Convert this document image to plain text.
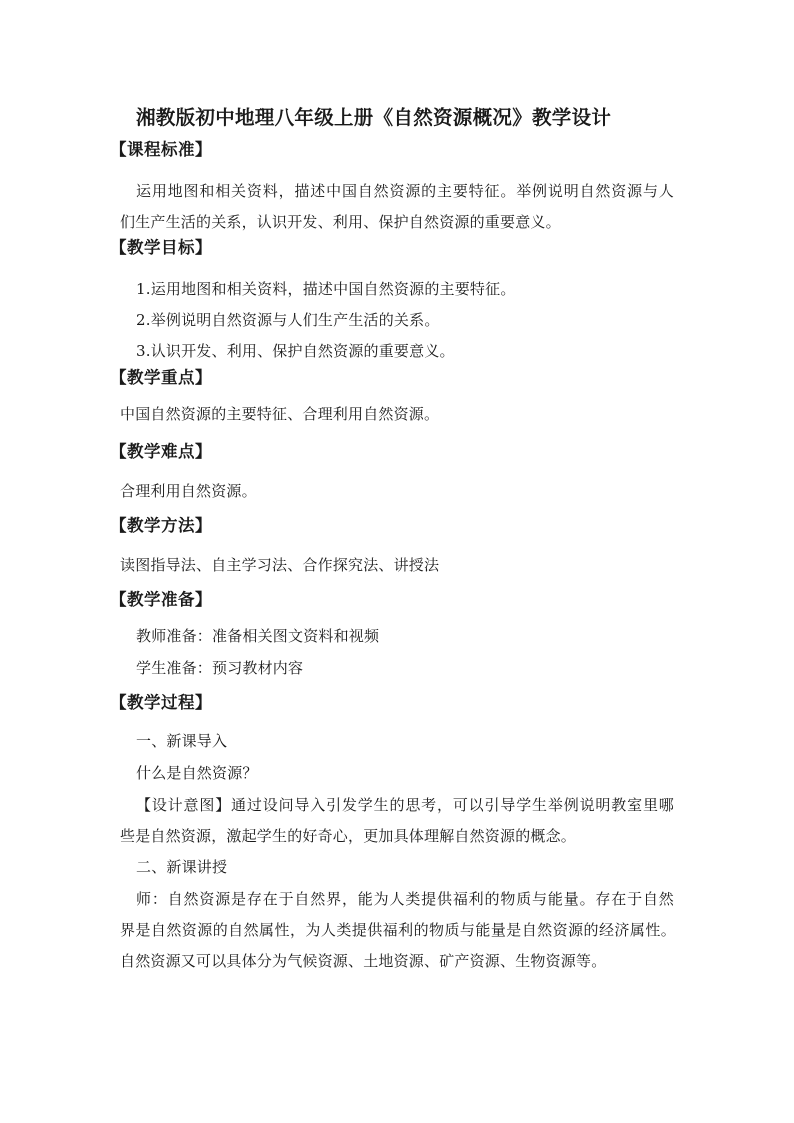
湘教版初中地理八年级上册《自然资源概况》教学设计
【课程标准】
运用地图和相关资料，描述中国自然资源的主要特征。举例说明自然资源与人
们生产生活的关系，认识开发、利用、保护自然资源的重要意义。
【教学目标】
1.运用地图和相关资料，描述中国自然资源的主要特征。
2.举例说明自然资源与人们生产生活的关系。
3.认识开发、利用、保护自然资源的重要意义。
【教学重点】
中国自然资源的主要特征、合理利用自然资源。
【教学难点】
合理利用自然资源。
【教学方法】
读图指导法、自主学习法、合作探究法、讲授法
【教学准备】
教师准备：准备相关图文资料和视频
学生准备：预习教材内容
【教学过程】
一、新课导入
什么是自然资源？
【设计意图】通过设问导入引发学生的思考，可以引导学生举例说明教室里哪
些是自然资源，激起学生的好奇心，更加具体理解自然资源的概念。
二、新课讲授
师：自然资源是存在于自然界，能为人类提供福利的物质与能量。存在于自然
界是自然资源的自然属性，为人类提供福利的物质与能量是自然资源的经济属性。
自然资源又可以具体分为气候资源、土地资源、矿产资源、生物资源等。
